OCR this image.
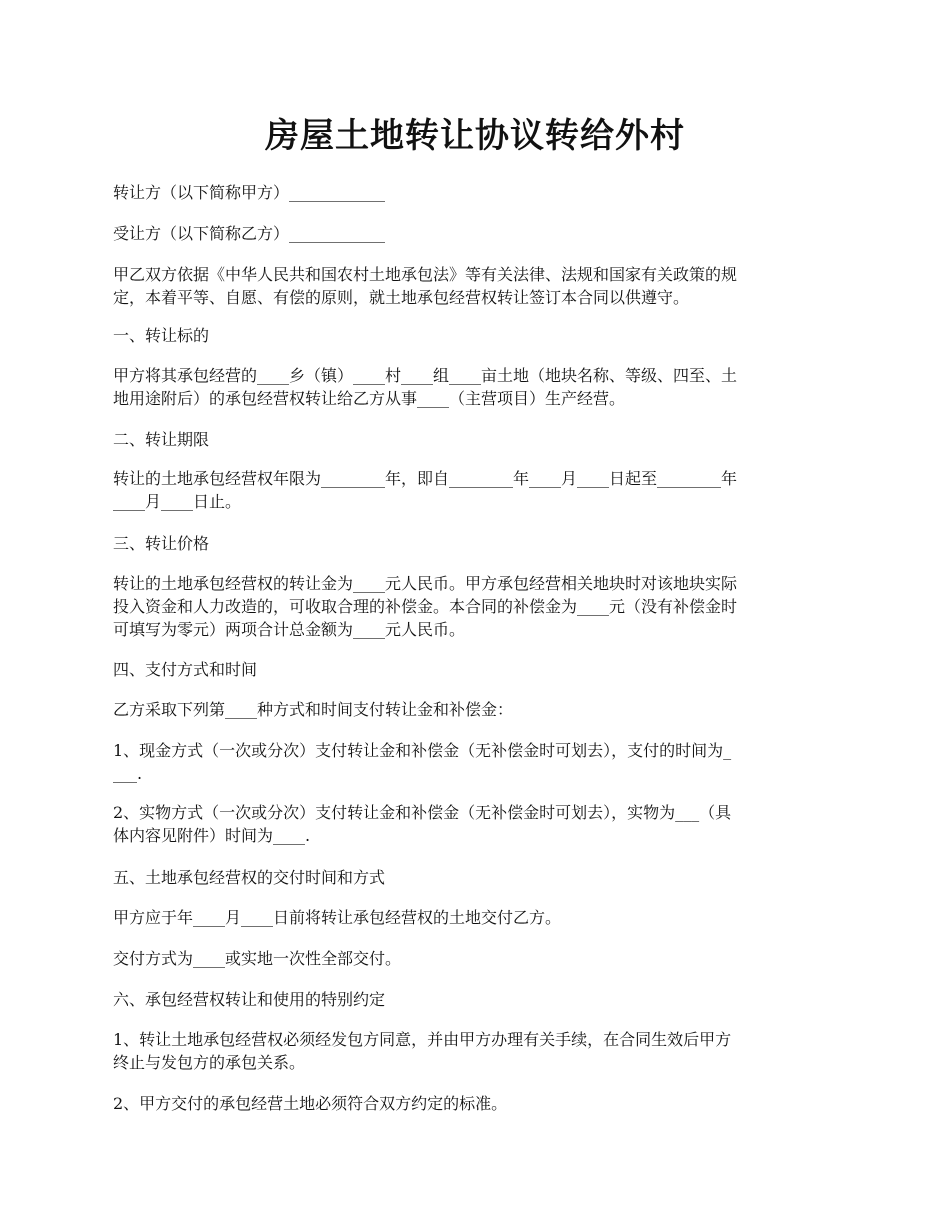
房屋土地转让协议转给外村

转让方（以下简称甲方）____________

受让方（以下简称乙方）____________

甲乙双方依据《中华人民共和国农村土地承包法》等有关法律、法规和国家有关政策的规

定，本着平等、自愿、有偿的原则，就土地承包经营权转让签订本合同以供遵守。

一、转让标的

甲方将其承包经营的____乡（镇）____村____组____亩土地（地块名称、等级、四至、土

地用途附后）的承包经营权转让给乙方从事____（主营项目）生产经营。

二、转让期限

转让的土地承包经营权年限为________年，即自________年____月____日起至________年

____月____日止。

三、转让价格

转让的土地承包经营权的转让金为____元人民币。甲方承包经营相关地块时对该地块实际

投入资金和人力改造的，可收取合理的补偿金。本合同的补偿金为____元（没有补偿金时

可填写为零元）两项合计总金额为____元人民币。

四、支付方式和时间

乙方采取下列第____种方式和时间支付转让金和补偿金：

1、现金方式（一次或分次）支付转让金和补偿金（无补偿金时可划去），支付的时间为_

___.

2、实物方式（一次或分次）支付转让金和补偿金（无补偿金时可划去），实物为___（具

体内容见附件）时间为____.

五、土地承包经营权的交付时间和方式

甲方应于年____月____日前将转让承包经营权的土地交付乙方。

交付方式为____或实地一次性全部交付。

六、承包经营权转让和使用的特别约定

1、转让土地承包经营权必须经发包方同意，并由甲方办理有关手续，在合同生效后甲方

终止与发包方的承包关系。

2、甲方交付的承包经营土地必须符合双方约定的标准。
